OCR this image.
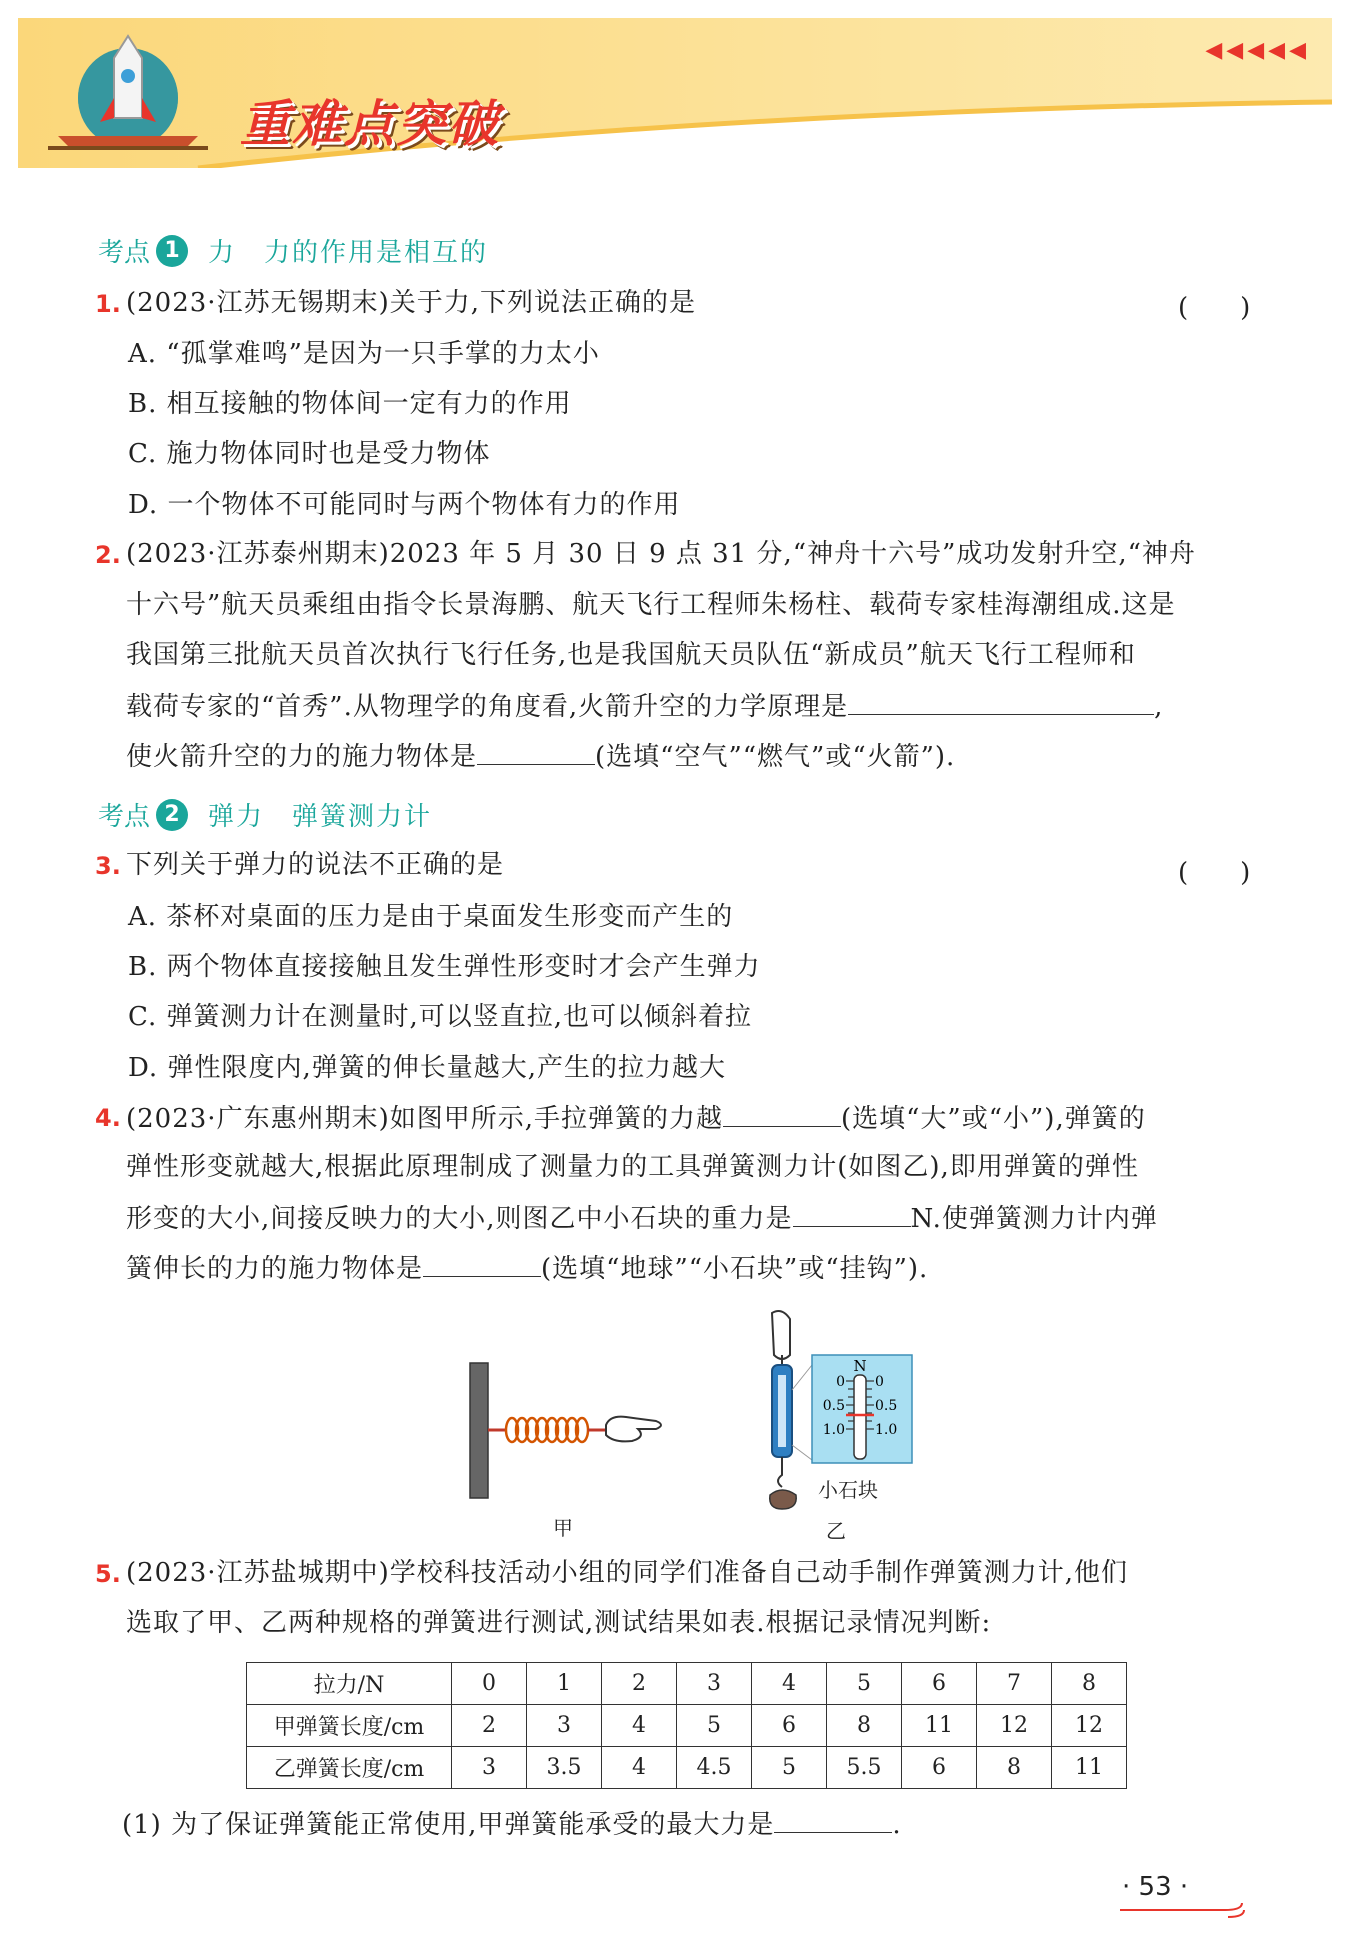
◀◀◀◀◀
重难点突破
考点 1	力　力的作用是相互的
1. (2023·江苏无锡期末)关于力,下列说法正确的是	(　　)
A. “孤掌难鸣”是因为一只手掌的力太小
B. 相互接触的物体间一定有力的作用
C. 施力物体同时也是受力物体
D. 一个物体不可能同时与两个物体有力的作用
2. (2023·江苏泰州期末)2023 年 5 月 30 日 9 点 31 分,“神舟十六号”成功发射升空,“神舟
十六号”航天员乘组由指令长景海鹏、航天飞行工程师朱杨柱、载荷专家桂海潮组成.这是
我国第三批航天员首次执行飞行任务,也是我国航天员队伍“新成员”航天飞行工程师和
载荷专家的“首秀”.从物理学的角度看,火箭升空的力学原理是	,
使火箭升空的力的施力物体是	(选填“空气”“燃气”或“火箭”).
考点 2	弹力　弹簧测力计
3. 下列关于弹力的说法不正确的是	(　　)
A. 茶杯对桌面的压力是由于桌面发生形变而产生的
B. 两个物体直接接触且发生弹性形变时才会产生弹力
C. 弹簧测力计在测量时,可以竖直拉,也可以倾斜着拉
D. 弹性限度内,弹簧的伸长量越大,产生的拉力越大
4. (2023·广东惠州期末)如图甲所示,手拉弹簧的力越	(选填“大”或“小”),弹簧的
弹性形变就越大,根据此原理制成了测量力的工具弹簧测力计(如图乙),即用弹簧的弹性
形变的大小,间接反映力的大小,则图乙中小石块的重力是	N.使弹簧测力计内弹
簧伸长的力的施力物体是	(选填“地球”“小石块”或“挂钩”).
甲
N
0
0.5
1.0
0
0.5
1.0
小石块
乙
5. (2023·江苏盐城期中)学校科技活动小组的同学们准备自己动手制作弹簧测力计,他们
选取了甲、乙两种规格的弹簧进行测试,测试结果如表.根据记录情况判断:
拉力/N	0	1	2	3	4	5	6	7	8
甲弹簧长度/cm	2	3	4	5	6	8	11	12	12
乙弹簧长度/cm	3	3.5	4	4.5	5	5.5	6	8	11
(1) 为了保证弹簧能正常使用,甲弹簧能承受的最大力是	.
· 53 ·
